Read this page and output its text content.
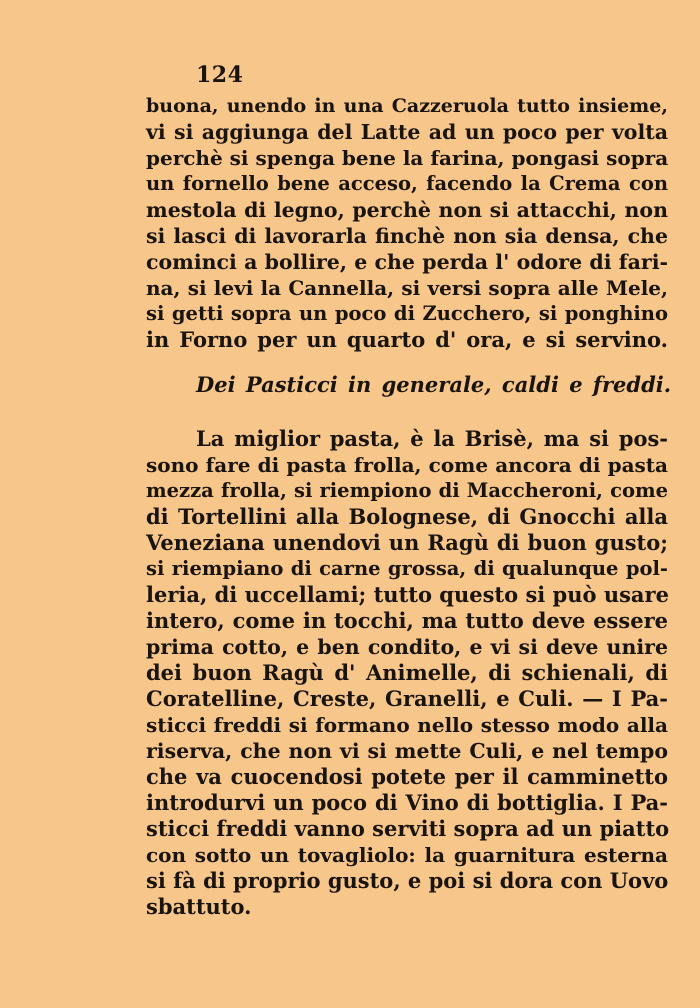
124
buona, unendo in una Cazzeruola tutto insieme,
vi si aggiunga del Latte ad un poco per volta
perchè si spenga bene la farina, pongasi sopra
un fornello bene acceso, facendo la Crema con
mestola di legno, perchè non si attacchi, non
si lasci di lavorarla finchè non sia densa, che
cominci a bollire, e che perda l' odore di fari-
na, si levi la Cannella, si versi sopra alle Mele,
si getti sopra un poco di Zucchero, si ponghino
in Forno per un quarto d' ora, e si servino.
Dei Pasticci in generale, caldi e freddi.
La miglior pasta, è la Brisè, ma si pos-
sono fare di pasta frolla, come ancora di pasta
mezza frolla, si riempiono di Maccheroni, come
di Tortellini alla Bolognese, di Gnocchi alla
Veneziana unendovi un Ragù di buon gusto;
si riempiano di carne grossa, di qualunque pol-
leria, di uccellami; tutto questo si può usare
intero, come in tocchi, ma tutto deve essere
prima cotto, e ben condito, e vi si deve unire
dei buon Ragù d' Animelle, di schienali, di
Coratelline, Creste, Granelli, e Culi. — I Pa-
sticci freddi si formano nello stesso modo alla
riserva, che non vi si mette Culi, e nel tempo
che va cuocendosi potete per il camminetto
introdurvi un poco di Vino di bottiglia. I Pa-
sticci freddi vanno serviti sopra ad un piatto
con sotto un tovagliolo: la guarnitura esterna
si fà di proprio gusto, e poi si dora con Uovo
sbattuto.
